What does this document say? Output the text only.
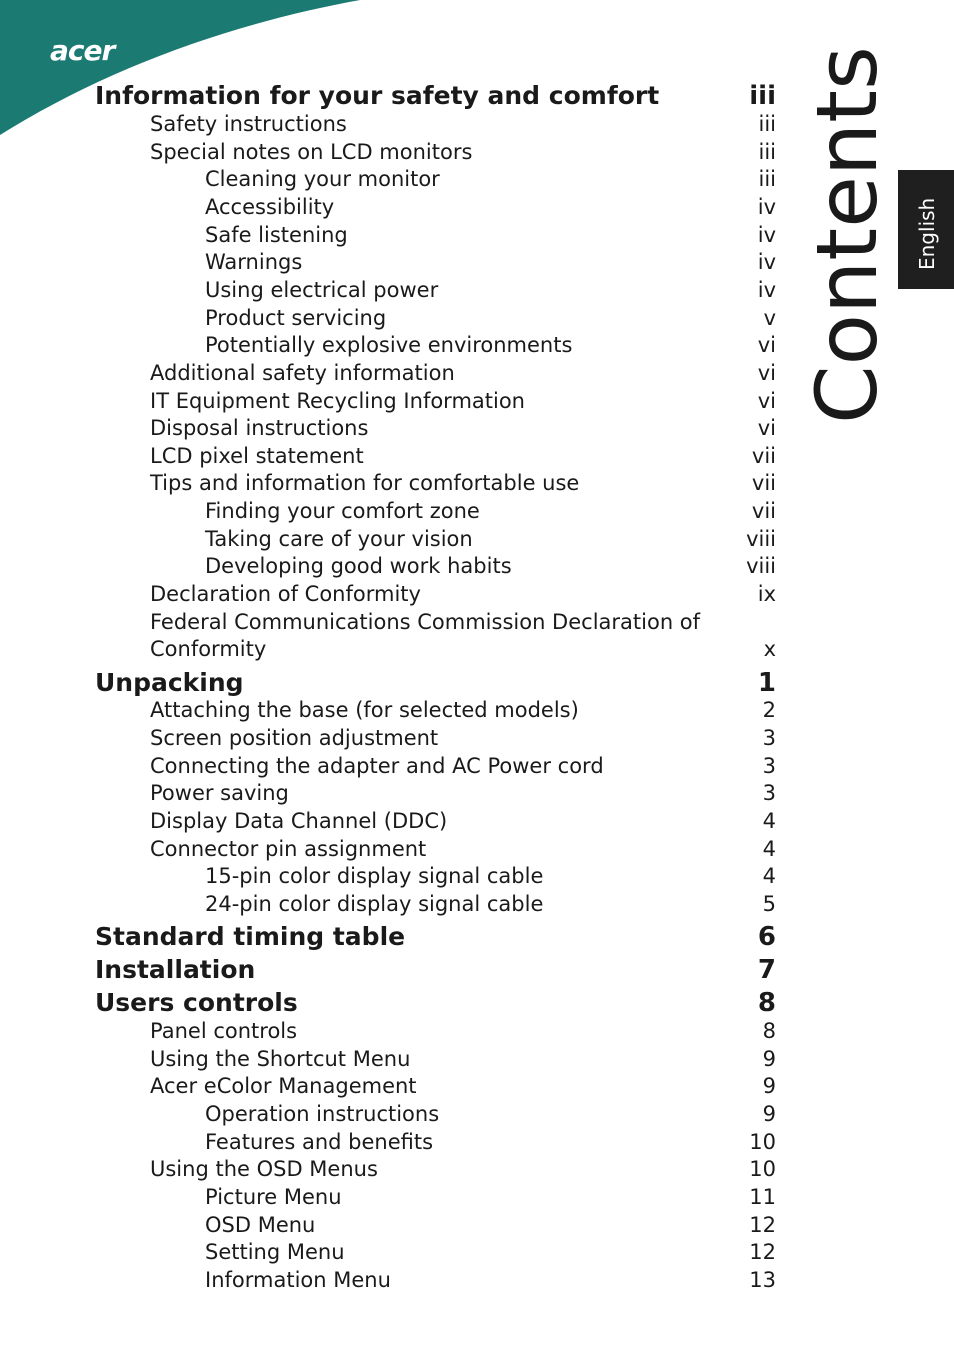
acer
Information for your safety and comfort	iii
Safety instructions	iii
Special notes on LCD monitors	iii
Cleaning your monitor	iii
Accessibility	iv
Safe listening	iv
Warnings	iv
Using electrical power	iv
Product servicing	v
Potentially explosive environments	vi
Additional safety information	vi
IT Equipment Recycling Information	vi
Disposal instructions	vi
LCD pixel statement	vii
Tips and information for comfortable use	vii
Finding your comfort zone	vii
Taking care of your vision	viii
Developing good work habits	viii
Declaration of Conformity	ix
Federal Communications Commission Declaration of
Conformity	x
Unpacking	1
Attaching the base (for selected models)	2
Screen position adjustment	3
Connecting the adapter and AC Power cord	3
Power saving	3
Display Data Channel (DDC)	4
Connector pin assignment	4
15-pin color display signal cable	4
24-pin color display signal cable	5
Standard timing table	6
Installation	7
Users controls	8
Panel controls	8
Using the Shortcut Menu	9
Acer eColor Management	9
Operation instructions	9
Features and benefits	10
Using the OSD Menus	10
Picture Menu	11
OSD Menu	12
Setting Menu	12
Information Menu	13
Contents English
